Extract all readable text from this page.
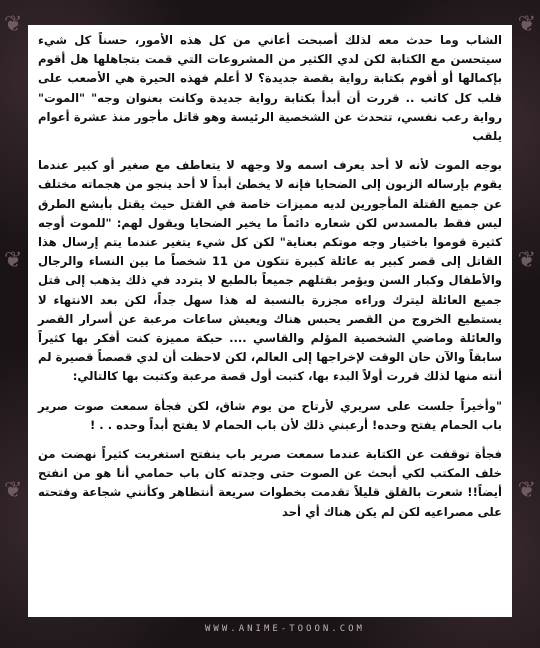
❦
❦
❦
❦
❦
❦

الشاب وما حدث معه لذلك أصبحت أعاني من كل هذه الأمور، حسناً كل شيء سيتحسن مع الكتابة لكن لدي الكثير من المشروعات التي قمت بتجاهلها هل أقوم بإكمالها أو أقوم بكتابة رواية بقصة جديدة؟ لا أعلم فهذه الحيرة هي الأصعب على قلب كل كاتب .. قررت أن أبدأ بكتابة رواية جديدة وكانت بعنوان وجه" "الموت" رواية رعب نفسي، تتحدث عن الشخصية الرئيسة وهو قاتل مأجور منذ عشرة أعوام يلقب

بوجه الموت لأنه لا أحد يعرف اسمه ولا وجهه لا يتعاطف مع صغير أو كبير عندما يقوم بإرساله الزبون إلى الضحايا فإنه لا يخطئ أبداً لا أحد ينجو من هجماته مختلف عن جميع القتلة المأجورين لديه مميزات خاصة في القتل حيث يقتل بأبشع الطرق ليس فقط بالمسدس لكن شعاره دائماً ما يخير الضحايا ويقول لهم: "للموت أوجه كثيرة قوموا باختيار وجه موتكم بعناية" لكن كل شيء يتغير عندما يتم إرسال هذا القاتل إلى قصر كبير به عائلة كبيرة تتكون من 11 شخصاً ما بين النساء والرجال والأطفال وكبار السن ويؤمر بقتلهم جميعاً بالطبع لا يتردد في ذلك يذهب إلى قتل جميع العائلة ليترك وراءه مجزرة بالنسبة له هذا سهل جداً، لكن بعد الانتهاء لا يستطيع الخروج من القصر يحبس هناك ويعيش ساعات مرعبة عن أسرار القصر والعائلة وماضي الشخصية المؤلم والقاسي .... حبكة مميزة كنت أفكر بها كثيراً سابقاً والآن حان الوقت لإخراجها إلى العالم، لكن لاحظت أن لدي قصصاً قصيرة لم أنته منها لذلك قررت أولاً البدء بها، كتبت أول قصة مرعبة وكتبت بها كالتالي:

"وأخيراً جلست على سريري لأرتاح من يوم شاق، لكن فجأة سمعت صوت صرير باب الحمام يفتح وحده! أرعبني ذلك لأن باب الحمام لا يفتح أبداً وحده . . !

فجأة توقفت عن الكتابة عندما سمعت صرير باب ينفتح استغربت كثيراً نهضت من خلف المكتب لكي أبحث عن الصوت حتى وجدته كان باب حمامي أنا هو من انفتح أيضاً!! شعرت بالقلق قليلاً تقدمت بخطوات سريعة أنتظاهر وكأنني شجاعة وفتحته على مصراعيه لكن لم يكن هناك أي أحد

WWW.ANIME-TOOON.COM
